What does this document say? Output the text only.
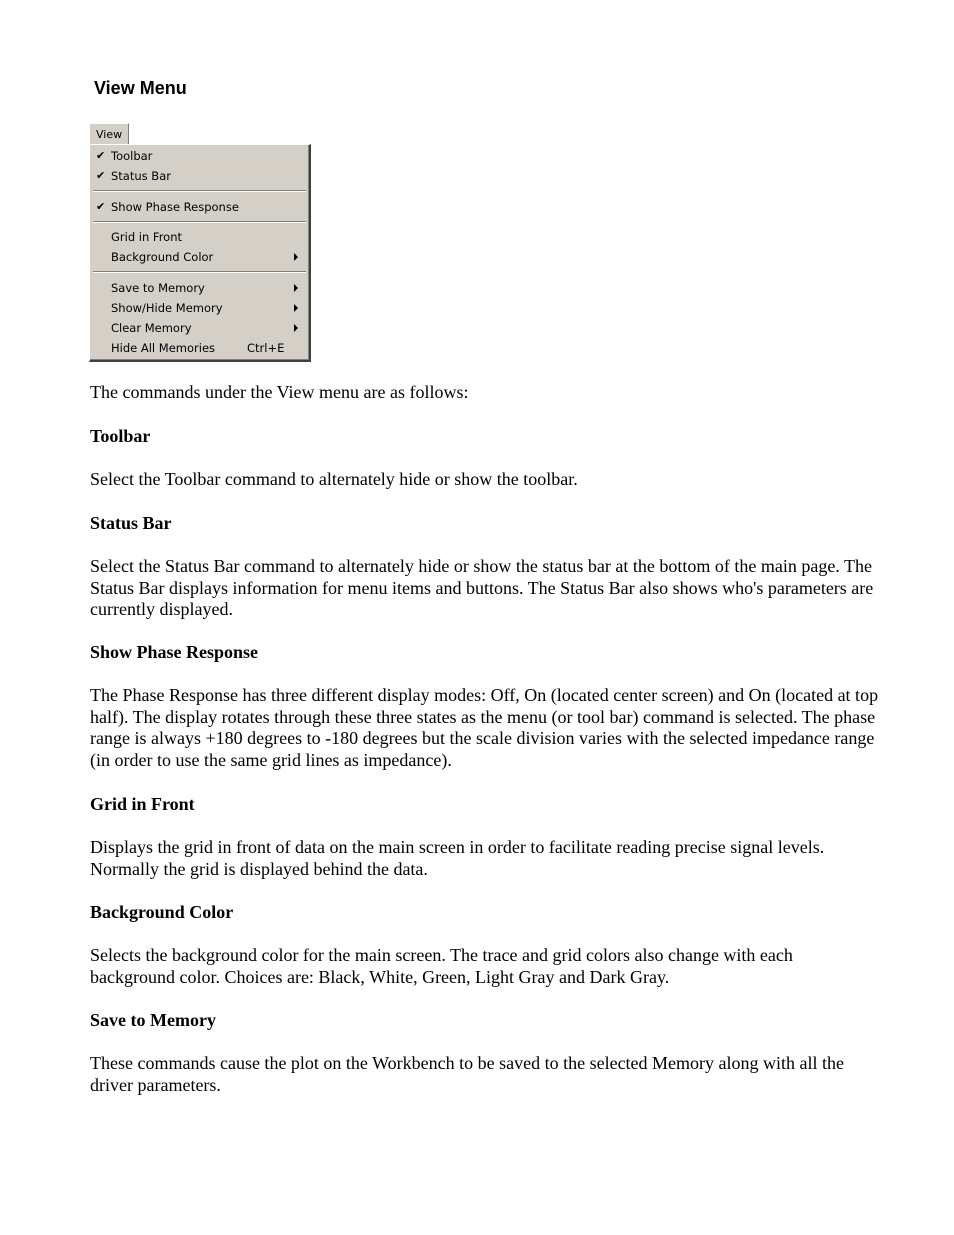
View Menu
View
✔ Toolbar
✔ Status Bar
✔ Show Phase Response
Grid in Front
Background Color
Save to Memory
Show/Hide Memory
Clear Memory
Hide All Memories	Ctrl+E

The commands under the View menu are as follows:

Toolbar

Select the Toolbar command to alternately hide or show the toolbar.

Status Bar

Select the Status Bar command to alternately hide or show the status bar at the bottom of the main page. The Status Bar displays information for menu items and buttons. The Status Bar also shows who's parameters are currently displayed.

Show Phase Response

The Phase Response has three different display modes: Off, On (located center screen) and On (located at top half). The display rotates through these three states as the menu (or tool bar) command is selected. The phase range is always +180 degrees to -180 degrees but the scale division varies with the selected impedance range (in order to use the same grid lines as impedance).

Grid in Front

Displays the grid in front of data on the main screen in order to facilitate reading precise signal levels. Normally the grid is displayed behind the data.

Background Color

Selects the background color for the main screen. The trace and grid colors also change with each background color. Choices are: Black, White, Green, Light Gray and Dark Gray.

Save to Memory

These commands cause the plot on the Workbench to be saved to the selected Memory along with all the driver parameters.
